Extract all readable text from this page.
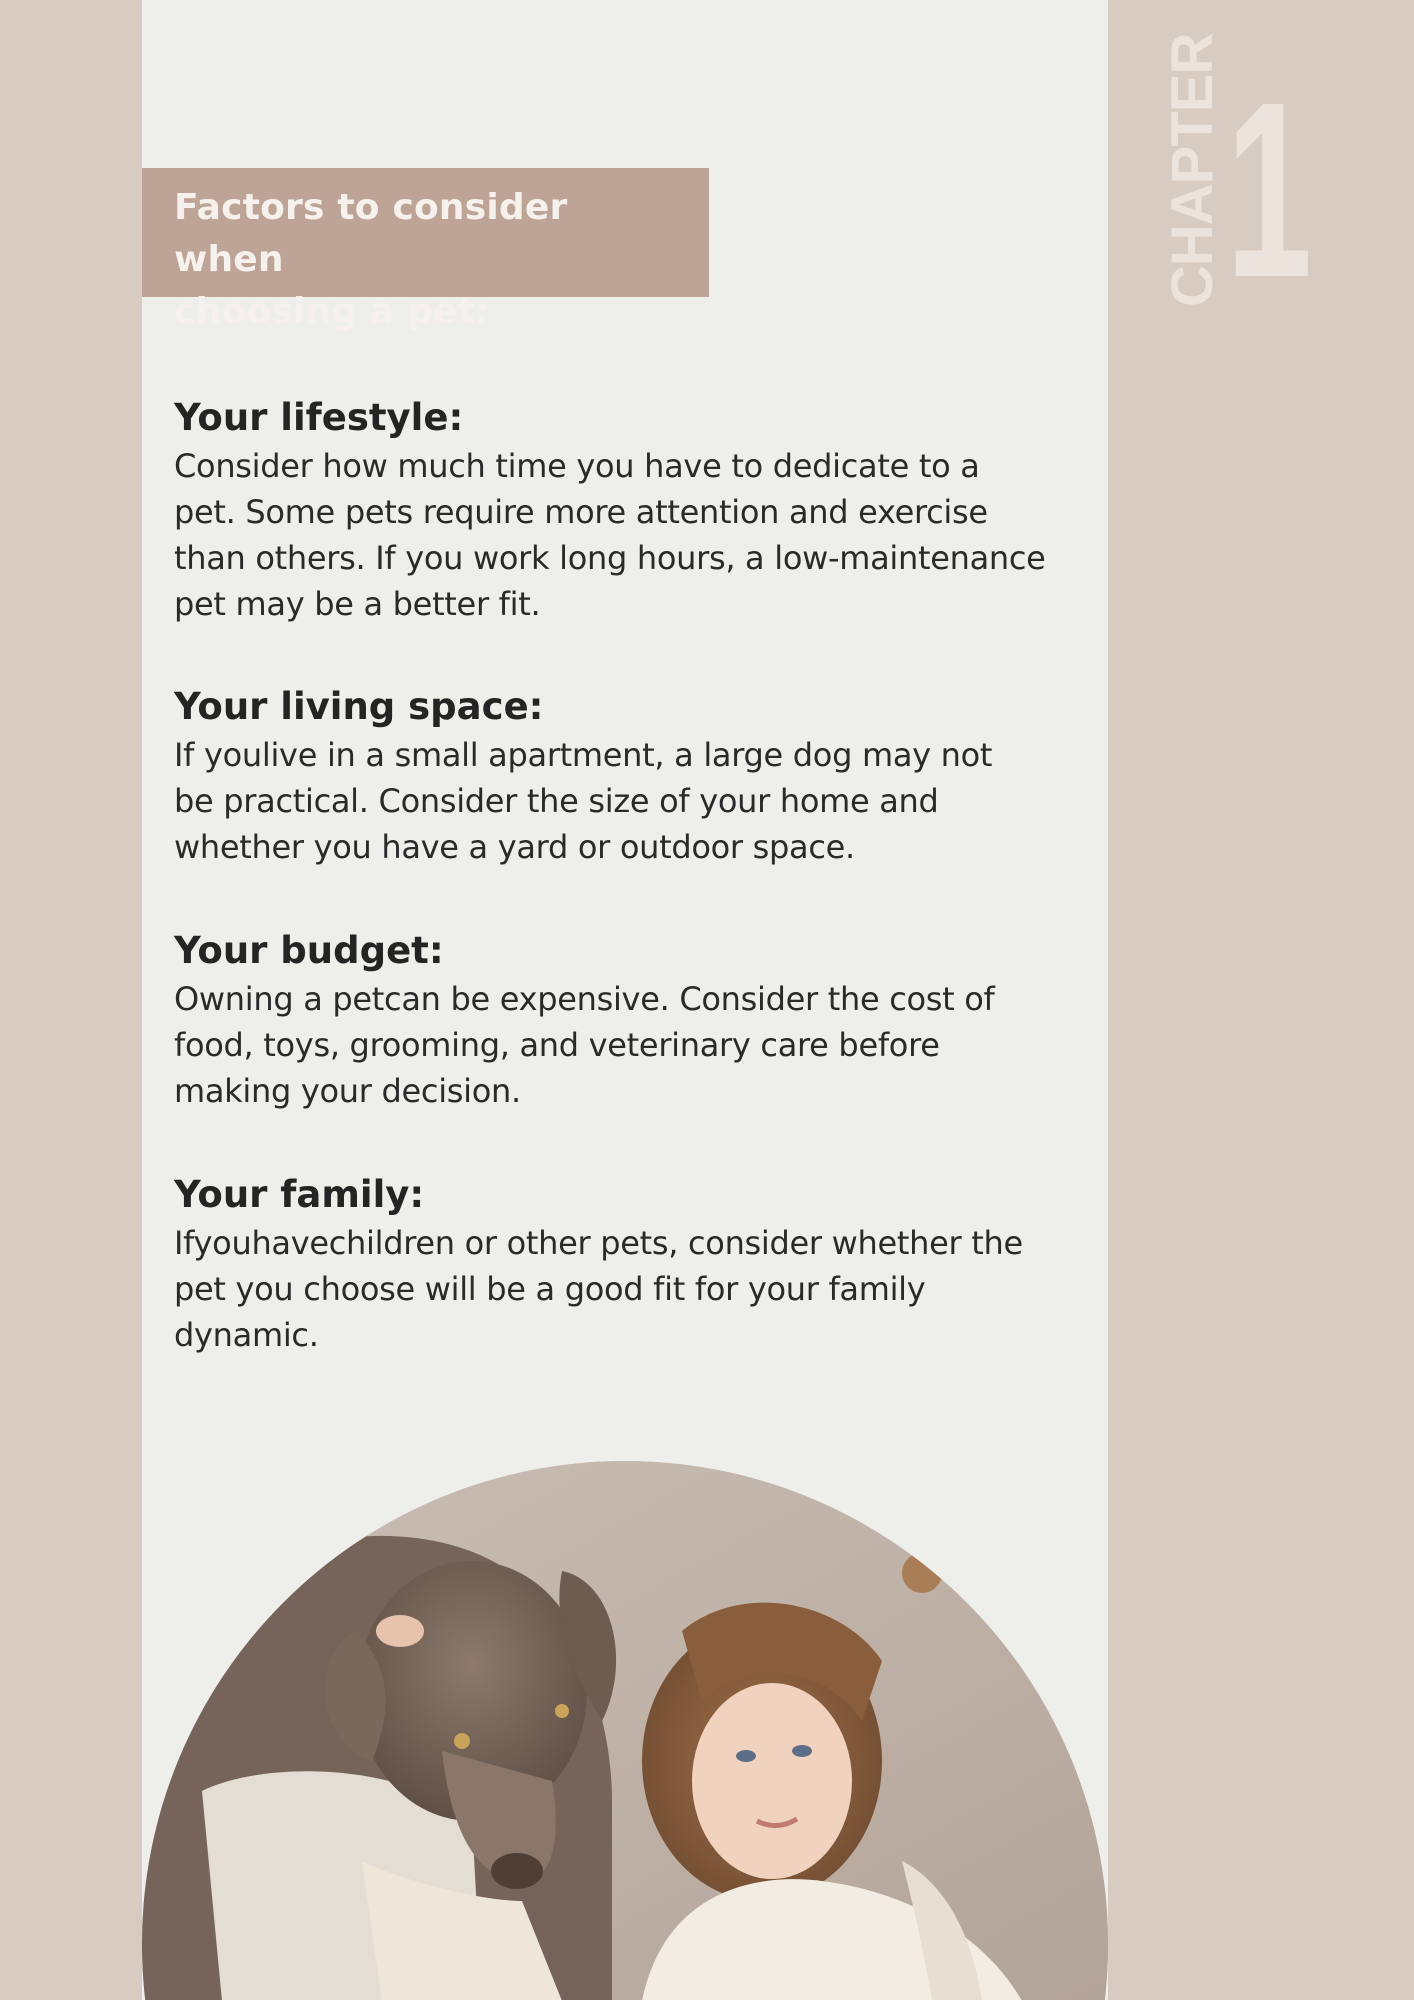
CHAPTER 1
Factors to consider when
choosing a pet:
Your lifestyle:

Consider how much time you have to dedicate to a
pet. Some pets require more attention and exercise
than others. If you work long hours, a low-maintenance
pet may be a better fit.

Your living space:

If youlive in a small apartment, a large dog may not
be practical. Consider the size of your home and
whether you have a yard or outdoor space.

Your budget:

Owning a petcan be expensive. Consider the cost of
food, toys, grooming, and veterinary care before
making your decision.

Your family:

Ifyouhavechildren or other pets, consider whether the
pet you choose will be a good fit for your family
dynamic.
